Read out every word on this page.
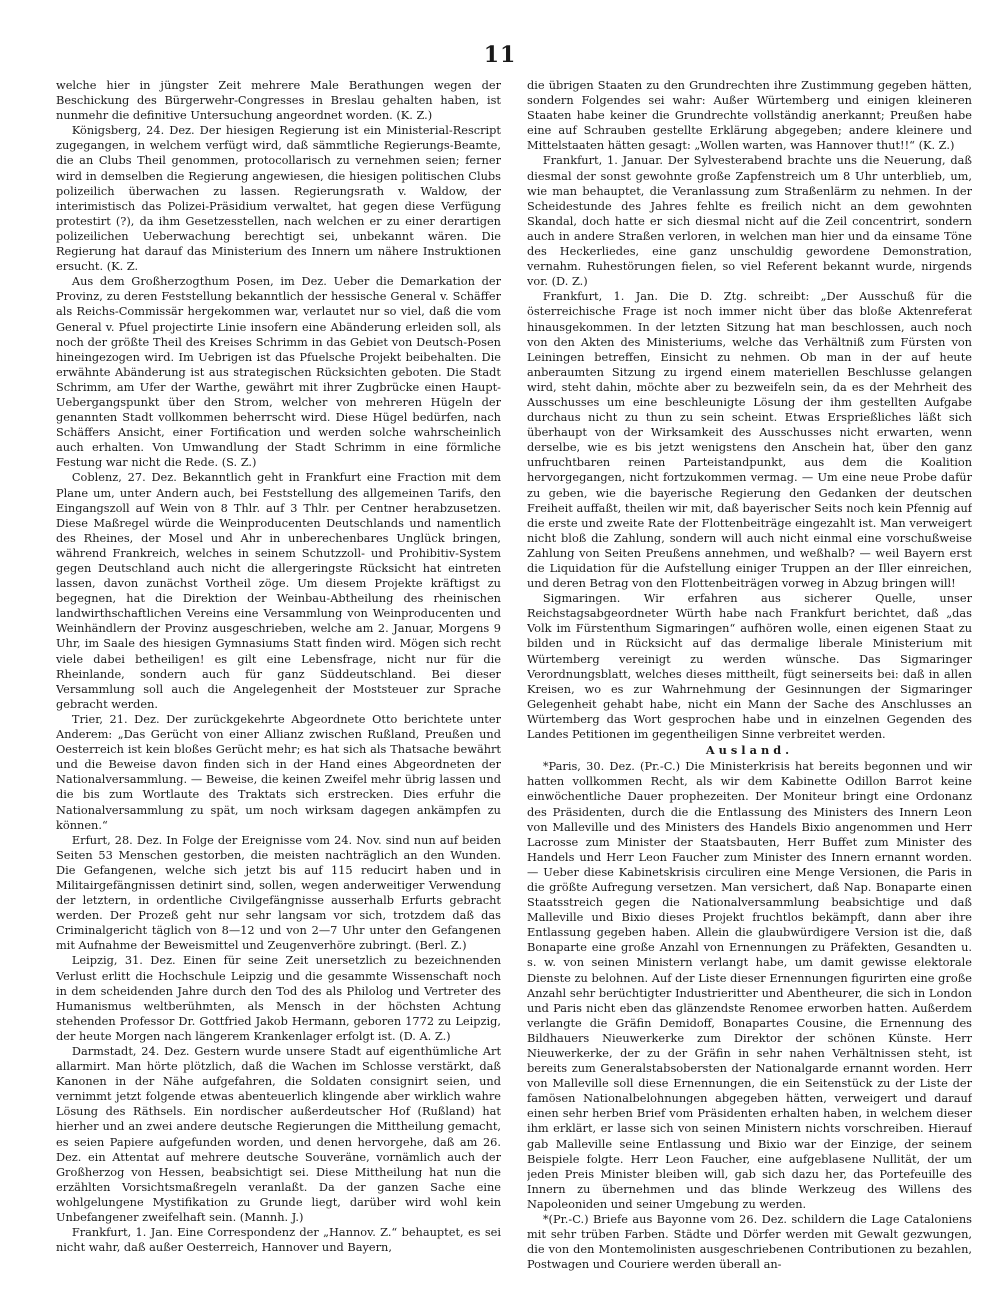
11

welche hier in jüngster Zeit mehrere Male Berathungen wegen der Beschickung des Bürgerwehr-Congresses in Breslau gehalten haben, ist nunmehr die definitive Untersuchung angeordnet worden. (K. Z.)

Königsberg, 24. Dez. Der hiesigen Regierung ist ein Ministerial-Rescript zugegangen, in welchem verfügt wird, daß sämmtliche Regierungs-Beamte, die an Clubs Theil genommen, protocollarisch zu vernehmen seien; ferner wird in demselben die Regierung angewiesen, die hiesigen politischen Clubs polizeilich überwachen zu lassen. Regierungsrath v. Waldow, der interimistisch das Polizei-Präsidium verwaltet, hat gegen diese Verfügung protestirt (?), da ihm Gesetzesstellen, nach welchen er zu einer derartigen polizeilichen Ueberwachung berechtigt sei, unbekannt wären. Die Regierung hat darauf das Ministerium des Innern um nähere Instruktionen ersucht. (K. Z.

Aus dem Großherzogthum Posen, im Dez. Ueber die Demarkation der Provinz, zu deren Feststellung bekanntlich der hessische General v. Schäffer als Reichs-Commissär hergekommen war, verlautet nur so viel, daß die vom General v. Pfuel projectirte Linie insofern eine Abänderung erleiden soll, als noch der größte Theil des Kreises Schrimm in das Gebiet von Deutsch-Posen hineingezogen wird. Im Uebrigen ist das Pfuelsche Projekt beibehalten. Die erwähnte Abänderung ist aus strategischen Rücksichten geboten. Die Stadt Schrimm, am Ufer der Warthe, gewährt mit ihrer Zugbrücke einen Haupt-Uebergangspunkt über den Strom, welcher von mehreren Hügeln der genannten Stadt vollkommen beherrscht wird. Diese Hügel bedürfen, nach Schäffers Ansicht, einer Fortification und werden solche wahrscheinlich auch erhalten. Von Umwandlung der Stadt Schrimm in eine förmliche Festung war nicht die Rede. (S. Z.)

Coblenz, 27. Dez. Bekanntlich geht in Frankfurt eine Fraction mit dem Plane um, unter Andern auch, bei Feststellung des allgemeinen Tarifs, den Eingangszoll auf Wein von 8 Thlr. auf 3 Thlr. per Centner herabzusetzen. Diese Maßregel würde die Weinproducenten Deutschlands und namentlich des Rheines, der Mosel und Ahr in unberechenbares Unglück bringen, während Frankreich, welches in seinem Schutzzoll- und Prohibitiv-System gegen Deutschland auch nicht die allergeringste Rücksicht hat eintreten lassen, davon zunächst Vortheil zöge. Um diesem Projekte kräftigst zu begegnen, hat die Direktion der Weinbau-Abtheilung des rheinischen landwirthschaftlichen Vereins eine Versammlung von Weinproducenten und Weinhändlern der Provinz ausgeschrieben, welche am 2. Januar, Morgens 9 Uhr, im Saale des hiesigen Gymnasiums Statt finden wird. Mögen sich recht viele dabei betheiligen! es gilt eine Lebensfrage, nicht nur für die Rheinlande, sondern auch für ganz Süddeutschland. Bei dieser Versammlung soll auch die Angelegenheit der Moststeuer zur Sprache gebracht werden.

Trier, 21. Dez. Der zurückgekehrte Abgeordnete Otto berichtete unter Anderem: „Das Gerücht von einer Allianz zwischen Rußland, Preußen und Oesterreich ist kein bloßes Gerücht mehr; es hat sich als Thatsache bewährt und die Beweise davon finden sich in der Hand eines Abgeordneten der Nationalversammlung. — Beweise, die keinen Zweifel mehr übrig lassen und die bis zum Wortlaute des Traktats sich erstrecken. Dies erfuhr die Nationalversammlung zu spät, um noch wirksam dagegen ankämpfen zu können.“

Erfurt, 28. Dez. In Folge der Ereignisse vom 24. Nov. sind nun auf beiden Seiten 53 Menschen gestorben, die meisten nachträglich an den Wunden. Die Gefangenen, welche sich jetzt bis auf 115 reducirt haben und in Militairgefängnissen detinirt sind, sollen, wegen anderweitiger Verwendung der letztern, in ordentliche Civilgefängnisse ausserhalb Erfurts gebracht werden. Der Prozeß geht nur sehr langsam vor sich, trotzdem daß das Criminalgericht täglich von 8—12 und von 2—7 Uhr unter den Gefangenen mit Aufnahme der Beweismittel und Zeugenverhöre zubringt. (Berl. Z.)

Leipzig, 31. Dez. Einen für seine Zeit unersetzlich zu bezeichnenden Verlust erlitt die Hochschule Leipzig und die gesammte Wissenschaft noch in dem scheidenden Jahre durch den Tod des als Philolog und Vertreter des Humanismus weltberühmten, als Mensch in der höchsten Achtung stehenden Professor Dr. Gottfried Jakob Hermann, geboren 1772 zu Leipzig, der heute Morgen nach längerem Krankenlager erfolgt ist. (D. A. Z.)

Darmstadt, 24. Dez. Gestern wurde unsere Stadt auf eigenthümliche Art allarmirt. Man hörte plötzlich, daß die Wachen im Schlosse verstärkt, daß Kanonen in der Nähe aufgefahren, die Soldaten consignirt seien, und vernimmt jetzt folgende etwas abenteuerlich klingende aber wirklich wahre Lösung des Räthsels. Ein nordischer außerdeutscher Hof (Rußland) hat hierher und an zwei andere deutsche Regierungen die Mittheilung gemacht, es seien Papiere aufgefunden worden, und denen hervorgehe, daß am 26. Dez. ein Attentat auf mehrere deutsche Souveräne, vornämlich auch der Großherzog von Hessen, beabsichtigt sei. Diese Mittheilung hat nun die erzählten Vorsichtsmaßregeln veranlaßt. Da der ganzen Sache eine wohlgelungene Mystifikation zu Grunde liegt, darüber wird wohl kein Unbefangener zweifelhaft sein. (Mannh. J.)

Frankfurt, 1. Jan. Eine Correspondenz der „Hannov. Z.“ behauptet, es sei nicht wahr, daß außer Oesterreich, Hannover und Bayern,

die übrigen Staaten zu den Grundrechten ihre Zustimmung gegeben hätten, sondern Folgendes sei wahr: Außer Würtemberg und einigen kleineren Staaten habe keiner die Grundrechte vollständig anerkannt; Preußen habe eine auf Schrauben gestellte Erklärung abgegeben; andere kleinere und Mittelstaaten hätten gesagt: „Wollen warten, was Hannover thut!!“ (K. Z.)

Frankfurt, 1. Januar. Der Sylvesterabend brachte uns die Neuerung, daß diesmal der sonst gewohnte große Zapfenstreich um 8 Uhr unterblieb, um, wie man behauptet, die Veranlassung zum Straßenlärm zu nehmen. In der Scheidestunde des Jahres fehlte es freilich nicht an dem gewohnten Skandal, doch hatte er sich diesmal nicht auf die Zeil concentrirt, sondern auch in andere Straßen verloren, in welchen man hier und da einsame Töne des Heckerliedes, eine ganz unschuldig gewordene Demonstration, vernahm. Ruhestörungen fielen, so viel Referent bekannt wurde, nirgends vor. (D. Z.)

Frankfurt, 1. Jan. Die D. Ztg. schreibt: „Der Ausschuß für die österreichische Frage ist noch immer nicht über das bloße Aktenreferat hinausgekommen. In der letzten Sitzung hat man beschlossen, auch noch von den Akten des Ministeriums, welche das Verhältniß zum Fürsten von Leiningen betreffen, Einsicht zu nehmen. Ob man in der auf heute anberaumten Sitzung zu irgend einem materiellen Beschlusse gelangen wird, steht dahin, möchte aber zu bezweifeln sein, da es der Mehrheit des Ausschusses um eine beschleunigte Lösung der ihm gestellten Aufgabe durchaus nicht zu thun zu sein scheint. Etwas Ersprießliches läßt sich überhaupt von der Wirksamkeit des Ausschusses nicht erwarten, wenn derselbe, wie es bis jetzt wenigstens den Anschein hat, über den ganz unfruchtbaren reinen Parteistandpunkt, aus dem die Koalition hervorgegangen, nicht fortzukommen vermag. — Um eine neue Probe dafür zu geben, wie die bayerische Regierung den Gedanken der deutschen Freiheit auffaßt, theilen wir mit, daß bayerischer Seits noch kein Pfennig auf die erste und zweite Rate der Flottenbeiträge eingezahlt ist. Man verweigert nicht bloß die Zahlung, sondern will auch nicht einmal eine vorschußweise Zahlung von Seiten Preußens annehmen, und weßhalb? — weil Bayern erst die Liquidation für die Aufstellung einiger Truppen an der Iller einreichen, und deren Betrag von den Flottenbeiträgen vorweg in Abzug bringen will!

Sigmaringen. Wir erfahren aus sicherer Quelle, unser Reichstagsabgeordneter Würth habe nach Frankfurt berichtet, daß „das Volk im Fürstenthum Sigmaringen“ aufhören wolle, einen eigenen Staat zu bilden und in Rücksicht auf das dermalige liberale Ministerium mit Würtemberg vereinigt zu werden wünsche. Das Sigmaringer Verordnungsblatt, welches dieses mittheilt, fügt seinerseits bei: daß in allen Kreisen, wo es zur Wahrnehmung der Gesinnungen der Sigmaringer Gelegenheit gehabt habe, nicht ein Mann der Sache des Anschlusses an Würtemberg das Wort gesprochen habe und in einzelnen Gegenden des Landes Petitionen im gegentheiligen Sinne verbreitet werden.

Ausland.

*Paris, 30. Dez. (Pr.-C.) Die Ministerkrisis hat bereits begonnen und wir hatten vollkommen Recht, als wir dem Kabinette Odillon Barrot keine einwöchentliche Dauer prophezeiten. Der Moniteur bringt eine Ordonanz des Präsidenten, durch die die Entlassung des Ministers des Innern Leon von Malleville und des Ministers des Handels Bixio angenommen und Herr Lacrosse zum Minister der Staatsbauten, Herr Buffet zum Minister des Handels und Herr Leon Faucher zum Minister des Innern ernannt worden. — Ueber diese Kabinetskrisis circuliren eine Menge Versionen, die Paris in die größte Aufregung versetzen. Man versichert, daß Nap. Bonaparte einen Staatsstreich gegen die Nationalversammlung beabsichtige und daß Malleville und Bixio dieses Projekt fruchtlos bekämpft, dann aber ihre Entlassung gegeben haben. Allein die glaubwürdigere Version ist die, daß Bonaparte eine große Anzahl von Ernennungen zu Präfekten, Gesandten u. s. w. von seinen Ministern verlangt habe, um damit gewisse elektorale Dienste zu belohnen. Auf der Liste dieser Ernennungen figurirten eine große Anzahl sehr berüchtigter Industrieritter und Abentheurer, die sich in London und Paris nicht eben das glänzendste Renomee erworben hatten. Außerdem verlangte die Gräfin Demidoff, Bonapartes Cousine, die Ernennung des Bildhauers Nieuwerkerke zum Direktor der schönen Künste. Herr Nieuwerkerke, der zu der Gräfin in sehr nahen Verhältnissen steht, ist bereits zum Generalstabsobersten der Nationalgarde ernannt worden. Herr von Malleville soll diese Ernennungen, die ein Seitenstück zu der Liste der famösen Nationalbelohnungen abgegeben hätten, verweigert und darauf einen sehr herben Brief vom Präsidenten erhalten haben, in welchem dieser ihm erklärt, er lasse sich von seinen Ministern nichts vorschreiben. Hierauf gab Malleville seine Entlassung und Bixio war der Einzige, der seinem Beispiele folgte. Herr Leon Faucher, eine aufgeblasene Nullität, der um jeden Preis Minister bleiben will, gab sich dazu her, das Portefeuille des Innern zu übernehmen und das blinde Werkzeug des Willens des Napoleoniden und seiner Umgebung zu werden.

*(Pr.-C.) Briefe aus Bayonne vom 26. Dez. schildern die Lage Cataloniens mit sehr trüben Farben. Städte und Dörfer werden mit Gewalt gezwungen, die von den Montemolinisten ausgeschriebenen Contributionen zu bezahlen, Postwagen und Couriere werden überall an-
